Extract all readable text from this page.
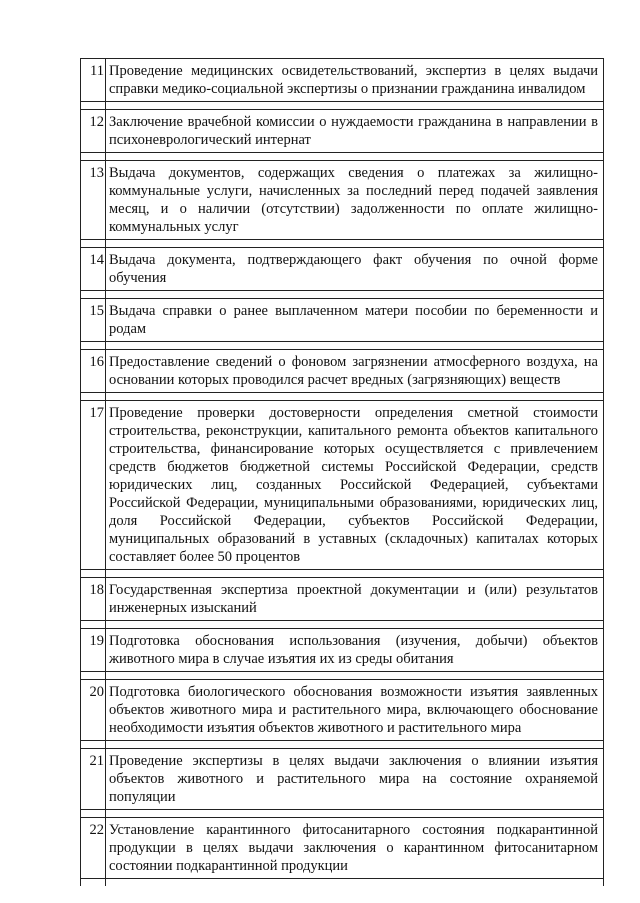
11	Проведение медицинских освидетельствований, экспертиз в целях выдачи справки медико-социальной экспертизы о признании гражданина инвалидом

12	Заключение врачебной комиссии о нуждаемости гражданина в направлении в психоневрологический интернат

13	Выдача документов, содержащих сведения о платежах за жилищно-коммунальные услуги, начисленных за последний перед подачей заявления месяц, и о наличии (отсутствии) задолженности по оплате жилищно-коммунальных услуг

14	Выдача документа, подтверждающего факт обучения по очной форме обучения

15	Выдача справки о ранее выплаченном матери пособии по беременности и родам

16	Предоставление сведений о фоновом загрязнении атмосферного воздуха, на основании которых проводился расчет вредных (загрязняющих) веществ

17	Проведение проверки достоверности определения сметной стоимости строительства, реконструкции, капитального ремонта объектов капитального строительства, финансирование которых осуществляется с привлечением средств бюджетов бюджетной системы Российской Федерации, средств юридических лиц, созданных Российской Федерацией, субъектами Российской Федерации, муниципальными образованиями, юридических лиц, доля Российской Федерации, субъектов Российской Федерации, муниципальных образований в уставных (складочных) капиталах которых составляет более 50 процентов

18	Государственная экспертиза проектной документации и (или) результатов инженерных изысканий

19	Подготовка обоснования использования (изучения, добычи) объектов животного мира в случае изъятия их из среды обитания

20	Подготовка биологического обоснования возможности изъятия заявленных объектов животного мира и растительного мира, включающего обоснование необходимости изъятия объектов животного и растительного мира

21	Проведение экспертизы в целях выдачи заключения о влиянии изъятия объектов животного и растительного мира на состояние охраняемой популяции

22	Установление карантинного фитосанитарного состояния подкарантинной продукции в целях выдачи заключения о карантинном фитосанитарном состоянии подкарантинной продукции
